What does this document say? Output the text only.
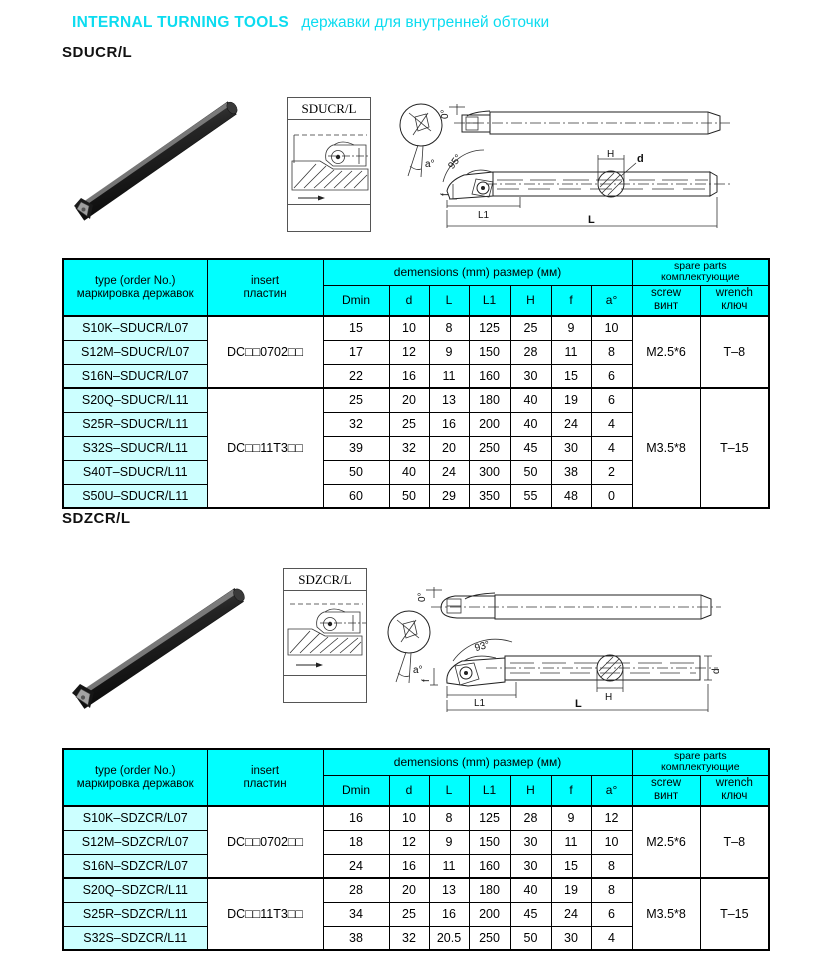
INTERNAL TURNING TOOLS державки для внутренней обточки
SDUCR/L
SDUCR/L
a°
0°
95°	H d
f
L1	L
type (order No.)
маркировка державок

insert
пластин
	demensions (mm) размер (мм)	spare parts
комплектующие

Dmin	d	L	L1	H	f	a°	screw
винт

wrench
ключ

S10K–SDUCR/L07	DC□□0702□□	15	10	8	125	25	9	10	M2.5*6	T–8
S12M–SDUCR/L07		17	12	9	150	28	11	8		
S16N–SDUCR/L07		22	16	11	160	30	15	6		
S20Q–SDUCR/L11	DC□□11T3□□	25	20	13	180	40	19	6	M3.5*8	T–15
S25R–SDUCR/L11		32	25	16	200	40	24	4		
S32S–SDUCR/L11		39	32	20	250	45	30	4		
S40T–SDUCR/L11		50	40	24	300	50	38	2		
S50U–SDUCR/L11		60	50	29	350	55	48	0		
SDZCR/L
SDZCR/L
a°
0°
93°
H
d
f
L1	L
type (order No.)
маркировка державок

insert
пластин
	demensions (mm) размер (мм)	spare parts
комплектующие

Dmin	d	L	L1	H	f	a°	screw
винт

wrench
ключ

S10K–SDZCR/L07	DC□□0702□□	16	10	8	125	28	9	12	M2.5*6	T–8
S12M–SDZCR/L07		18	12	9	150	30	11	10		
S16N–SDZCR/L07		24	16	11	160	30	15	8		
S20Q–SDZCR/L11	DC□□11T3□□	28	20	13	180	40	19	8	M3.5*8	T–15
S25R–SDZCR/L11		34	25	16	200	45	24	6		
S32S–SDZCR/L11		38	32	20.5	250	50	30	4		
